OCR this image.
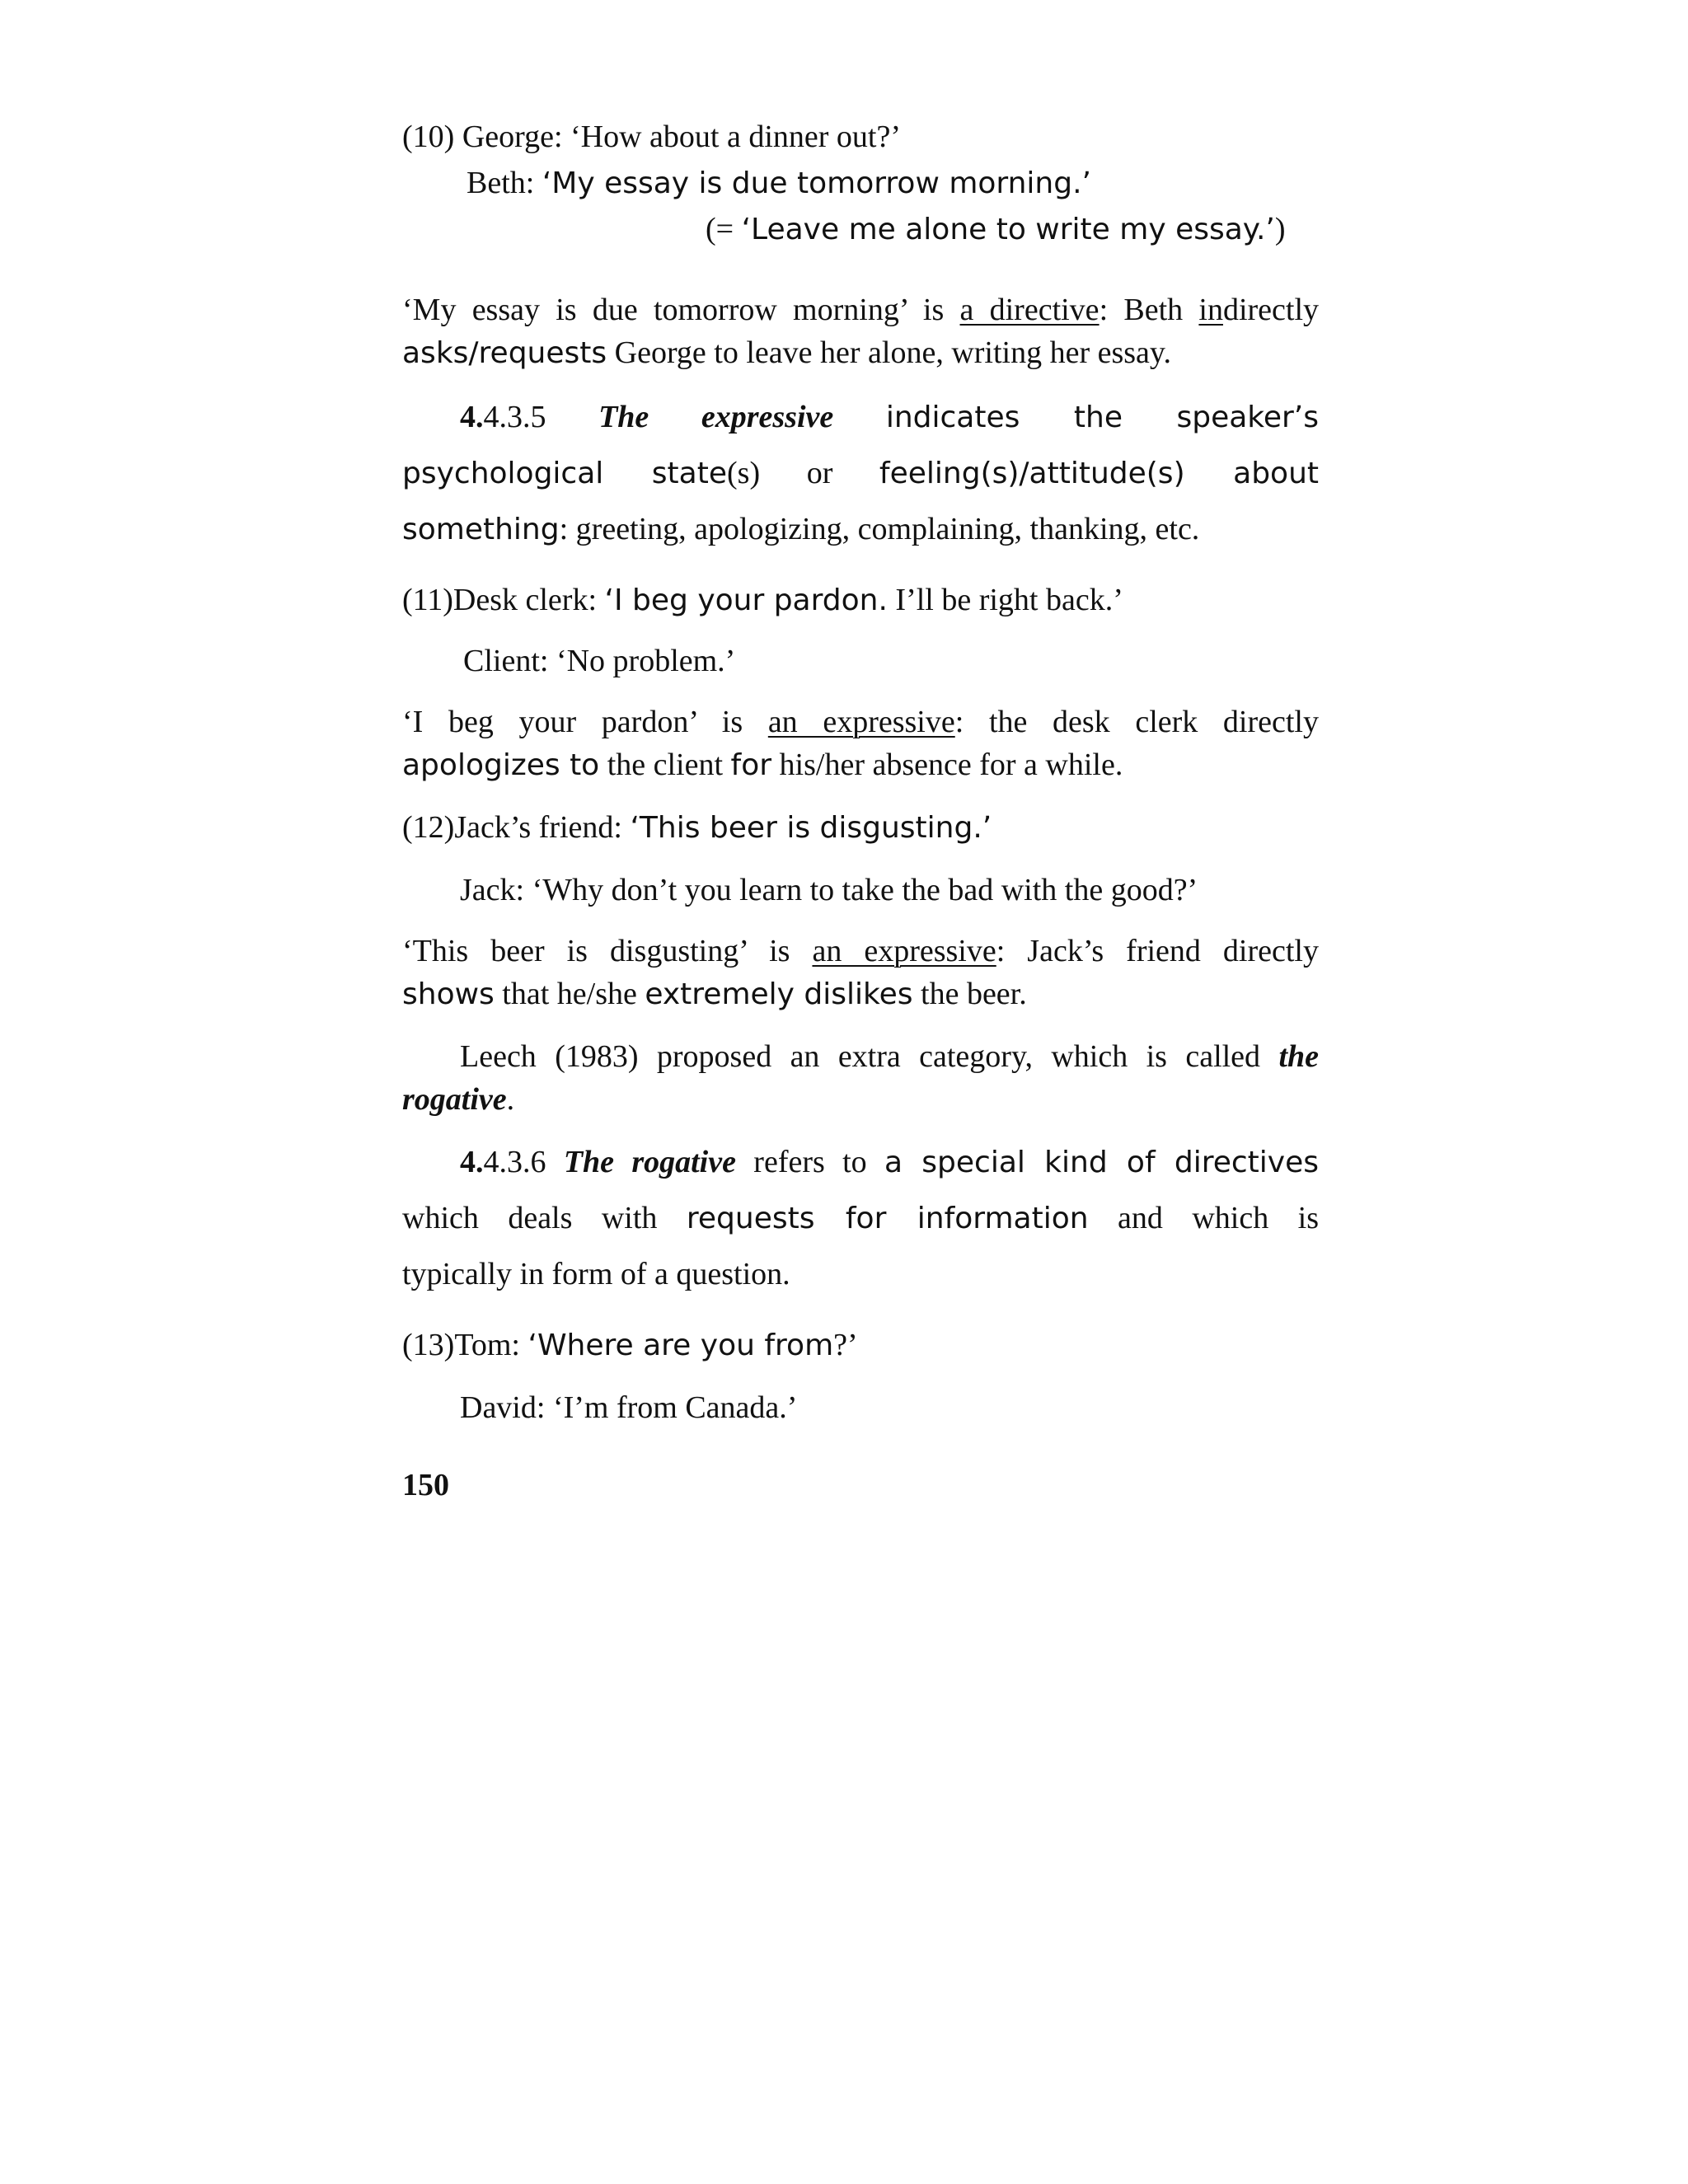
(10) George: ‘How about a dinner out?’
Beth: ‘My essay is due tomorrow morning.’
(= ‘Leave me alone to write my essay.’)
‘My essay is due tomorrow morning’ is a directive: Beth indirectly
asks/requests George to leave her alone, writing her essay.
4.4.3.5 The expressive indicates the speaker’s
psychological state(s) or feeling(s)/attitude(s) about
something: greeting, apologizing, complaining, thanking, etc.
(11)Desk clerk: ‘I beg your pardon. I’ll be right back.’
Client: ‘No problem.’
‘I beg your pardon’ is an expressive: the desk clerk directly
apologizes to the client for his/her absence for a while.
(12)Jack’s friend: ‘This beer is disgusting.’
Jack: ‘Why don’t you learn to take the bad with the good?’
‘This beer is disgusting’ is an expressive: Jack’s friend directly
shows that he/she extremely dislikes the beer.
Leech (1983) proposed an extra category, which is called the
rogative.
4.4.3.6 The rogative refers to a special kind of directives
which deals with requests for information and which is
typically in form of a question.
(13)Tom: ‘Where are you from?’
David: ‘I’m from Canada.’
150
